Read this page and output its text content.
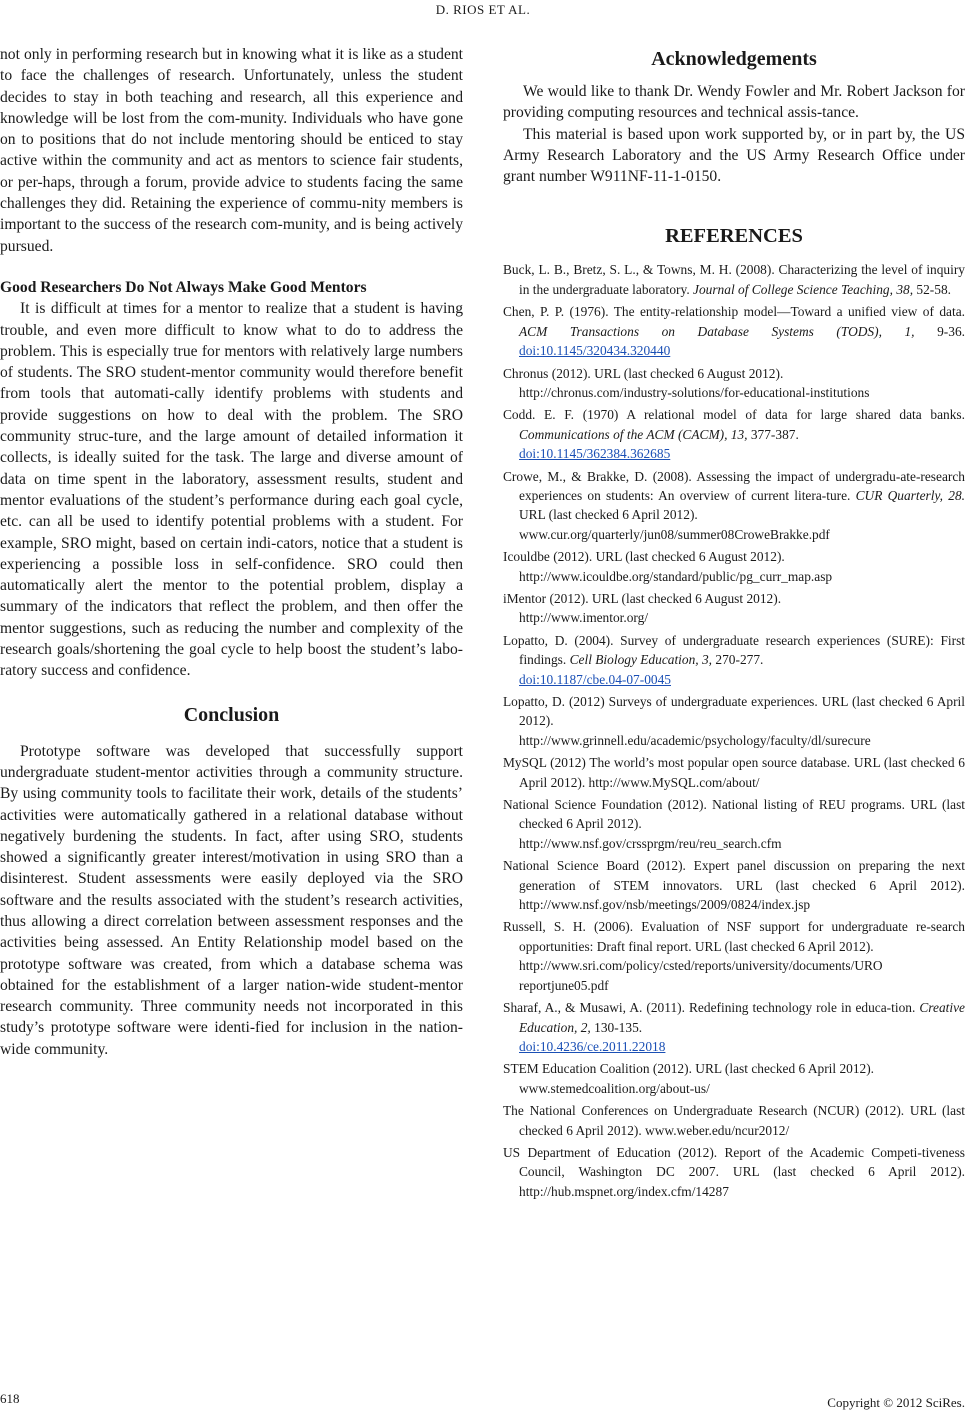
D. RIOS ET AL.

not only in performing research but in knowing what it is like as a student to face the challenges of research. Unfortunately, unless the student decides to stay in both teaching and research, all this experience and knowledge will be lost from the com-munity. Individuals who have gone on to positions that do not include mentoring should be enticed to stay active within the community and act as mentors to science fair students, or per-haps, through a forum, provide advice to students facing the same challenges they did. Retaining the experience of commu-nity members is important to the success of the research com-munity, and is being actively pursued.

Good Researchers Do Not Always Make Good Mentors

It is difficult at times for a mentor to realize that a student is having trouble, and even more difficult to know what to do to address the problem. This is especially true for mentors with relatively large numbers of students. The SRO student-mentor community would therefore benefit from tools that automati-cally identify problems with students and provide suggestions on how to deal with the problem. The SRO community struc-ture, and the large amount of detailed information it collects, is ideally suited for the task. The large and diverse amount of data on time spent in the laboratory, assessment results, student and mentor evaluations of the student’s performance during each goal cycle, etc. can all be used to identify potential problems with a student. For example, SRO might, based on certain indi-cators, notice that a student is experiencing a possible loss in self-confidence. SRO could then automatically alert the mentor to the potential problem, display a summary of the indicators that reflect the problem, and then offer the mentor suggestions, such as reducing the number and complexity of the research goals/shortening the goal cycle to help boost the student’s labo-ratory success and confidence.

Conclusion

Prototype software was developed that successfully support undergraduate student-mentor activities through a community structure. By using community tools to facilitate their work, details of the students’ activities were automatically gathered in a relational database without negatively burdening the students. In fact, after using SRO, students showed a significantly greater interest/motivation in using SRO than a disinterest. Student assessments were easily deployed via the SRO software and the results associated with the student’s research activities, thus allowing a direct correlation between assessment responses and the activities being assessed. An Entity Relationship model based on the prototype software was created, from which a database schema was obtained for the establishment of a larger nation-wide student-mentor research community. Three community needs not incorporated in this study’s prototype software were identi-fied for inclusion in the nation-wide community.

Acknowledgements

We would like to thank Dr. Wendy Fowler and Mr. Robert Jackson for providing computing resources and technical assis-tance.

This material is based upon work supported by, or in part by, the US Army Research Laboratory and the US Army Research Office under grant number W911NF-11-1-0150.

REFERENCES
Buck, L. B., Bretz, S. L., & Towns, M. H. (2008). Characterizing the level of inquiry in the undergraduate laboratory. Journal of College Science Teaching, 38, 52-58.
Chen, P. P. (1976). The entity-relationship model—Toward a unified view of data. ACM Transactions on Database Systems (TODS), 1, 9-36. doi:10.1145/320434.320440
Chronus (2012). URL (last checked 6 August 2012).
http://chronus.com/industry-solutions/for-educational-institutions
Codd. E. F. (1970) A relational model of data for large shared data banks. Communications of the ACM (CACM), 13, 377-387.
doi:10.1145/362384.362685
Crowe, M., & Brakke, D. (2008). Assessing the impact of undergradu-ate-research experiences on students: An overview of current litera-ture. CUR Quarterly, 28. URL (last checked 6 April 2012).
www.cur.org/quarterly/jun08/summer08CroweBrakke.pdf
Icouldbe (2012). URL (last checked 6 August 2012).
http://www.icouldbe.org/standard/public/pg_curr_map.asp
iMentor (2012). URL (last checked 6 August 2012).
http://www.imentor.org/
Lopatto, D. (2004). Survey of undergraduate research experiences (SURE): First findings. Cell Biology Education, 3, 270-277.
doi:10.1187/cbe.04-07-0045
Lopatto, D. (2012) Surveys of undergraduate experiences. URL (last checked 6 April 2012).
http://www.grinnell.edu/academic/psychology/faculty/dl/surecure
MySQL (2012) The world’s most popular open source database. URL (last checked 6 April 2012). http://www.MySQL.com/about/
National Science Foundation (2012). National listing of REU programs. URL (last checked 6 April 2012).
http://www.nsf.gov/crssprgm/reu/reu_search.cfm
National Science Board (2012). Expert panel discussion on preparing the next generation of STEM innovators. URL (last checked 6 April 2012). http://www.nsf.gov/nsb/meetings/2009/0824/index.jsp
Russell, S. H. (2006). Evaluation of NSF support for undergraduate re-search opportunities: Draft final report. URL (last checked 6 April 2012).
http://www.sri.com/policy/csted/reports/university/documents/URO reportjune05.pdf
Sharaf, A., & Musawi, A. (2011). Redefining technology role in educa-tion. Creative Education, 2, 130-135.
doi:10.4236/ce.2011.22018
STEM Education Coalition (2012). URL (last checked 6 April 2012).
www.stemedcoalition.org/about-us/
The National Conferences on Undergraduate Research (NCUR) (2012). URL (last checked 6 April 2012). www.weber.edu/ncur2012/
US Department of Education (2012). Report of the Academic Competi-tiveness Council, Washington DC 2007. URL (last checked 6 April 2012). http://hub.mspnet.org/index.cfm/14287
618	Copyright © 2012 SciRes.
